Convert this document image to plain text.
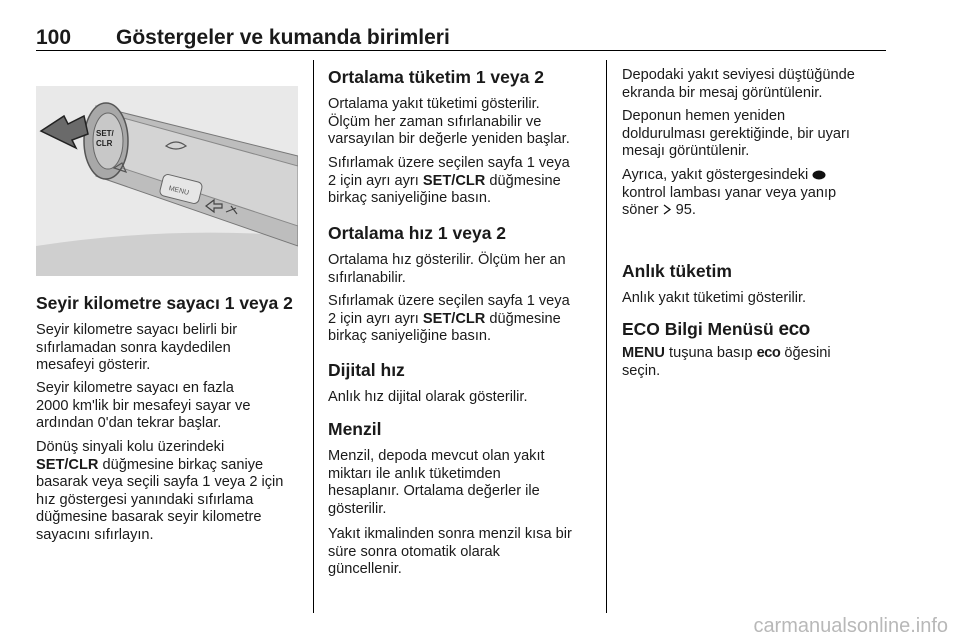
100 Göstergeler ve kumanda birimleri
SET/
CLR
MENU
Seyir kilometre sayacı 1 veya 2

Seyir kilometre sayacı belirli bir

sıfırlamadan sonra kaydedilen

mesafeyi gösterir.

Seyir kilometre sayacı en fazla

2000 km'lik bir mesafeyi sayar ve

ardından 0'dan tekrar başlar.

Dönüş sinyali kolu üzerindeki

SET/CLR düğmesine birkaç saniye

basarak veya seçili sayfa 1 veya 2 için

hız göstergesi yanındaki sıfırlama

düğmesine basarak seyir kilometre

sayacını sıfırlayın.

Ortalama tüketim 1 veya 2

Ortalama yakıt tüketimi gösterilir.

Ölçüm her zaman sıfırlanabilir ve

varsayılan bir değerle yeniden başlar.

Sıfırlamak üzere seçilen sayfa 1 veya

2 için ayrı ayrı SET/CLR düğmesine

birkaç saniyeliğine basın.

Ortalama hız 1 veya 2

Ortalama hız gösterilir. Ölçüm her an

sıfırlanabilir.

Sıfırlamak üzere seçilen sayfa 1 veya

2 için ayrı ayrı SET/CLR düğmesine

birkaç saniyeliğine basın.

Dijital hız

Anlık hız dijital olarak gösterilir.

Menzil

Menzil, depoda mevcut olan yakıt

miktarı ile anlık tüketimden

hesaplanır. Ortalama değerler ile

gösterilir.

Yakıt ikmalinden sonra menzil kısa bir

süre sonra otomatik olarak

güncellenir.

Depodaki yakıt seviyesi düştüğünde

ekranda bir mesaj görüntülenir.

Deponun hemen yeniden

doldurulması gerektiğinde, bir uyarı

mesajı görüntülenir.

Ayrıca, yakıt göstergesindeki

kontrol lambası yanar veya yanıp

söner  95.

Anlık tüketim

Anlık yakıt tüketimi gösterilir.

ECO Bilgi Menüsü eco

MENU tuşuna basıp eco öğesini

seçin.

carmanualsonline.info
